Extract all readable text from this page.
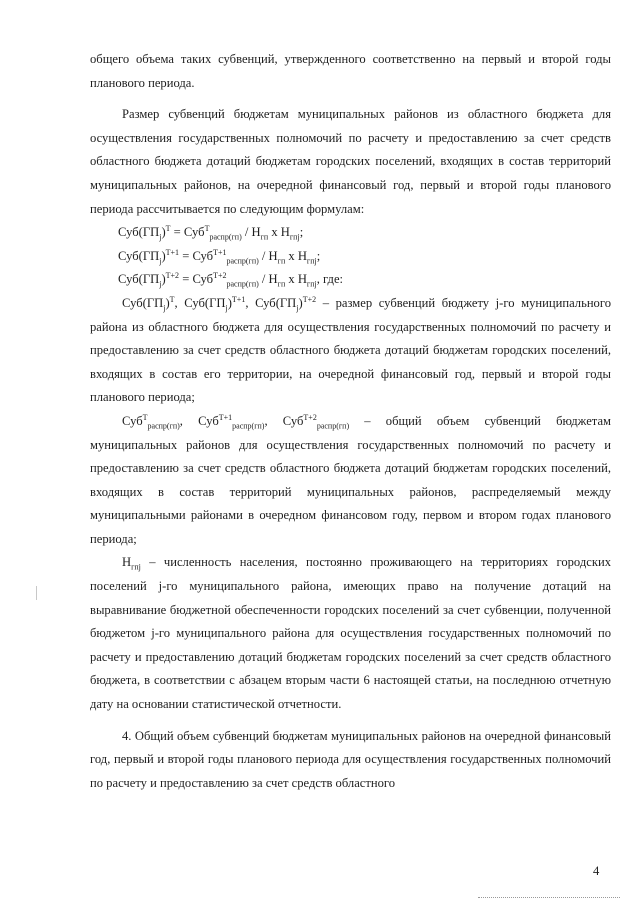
общего объема таких субвенций, утвержденного соответственно на первый и второй годы планового периода.

Размер субвенций бюджетам муниципальных районов из областного бюджета для осуществления государственных полномочий по расчету и предоставлению за счет средств областного бюджета дотаций бюджетам городских поселений, входящих в состав территорий муниципальных районов, на очередной финансовый год, первый и второй годы планового периода рассчитывается по следующим формулам:

$Суб(ГП_j)^Т = Суб^Т_{распр(гп)} / Н_{гп}$ х $Н_{гпj}$;

$Суб(ГП_j)^{Т+1} = Суб^{Т+1}_{распр(гп)} / Н_{гп}$ х $Н_{гпj}$;

$Суб(ГП_j)^{Т+2} = Суб^{Т+2}_{распр(гп)} / Н_{гп}$ х $Н_{гпj}$, где:

$Суб(ГП_j)^Т$, $Суб(ГП_j)^{Т+1}$, $Суб(ГП_j)^{Т+2}$ – размер субвенций бюджету j-го муниципального района из областного бюджета для осуществления государственных полномочий по расчету и предоставлению за счет средств областного бюджета дотаций бюджетам городских поселений, входящих в состав его территории, на очередной финансовый год, первый и второй годы планового периода;

Суб$^Т_{распр(гп)}$, Суб$^{Т+1}_{распр(гп)}$, Суб$^{Т+2}_{распр(гп)}$ – общий объем субвенций бюджетам муниципальных районов для осуществления государственных полномочий по расчету и предоставлению за счет средств областного бюджета дотаций бюджетам городских поселений, входящих в состав территорий муниципальных районов, распределяемый между муниципальными районами в очередном финансовом году, первом и втором годах планового периода;

$Н_{гпj}$ – численность населения, постоянно проживающего на территориях городских поселений j-го муниципального района, имеющих право на получение дотаций на выравнивание бюджетной обеспеченности городских поселений за счет субвенции, полученной бюджетом j-го муниципального района для осуществления государственных полномочий по расчету и предоставлению дотаций бюджетам городских поселений за счет средств областного бюджета, в соответствии с абзацем вторым части 6 настоящей статьи, на последнюю отчетную дату на основании статистической отчетности.

4. Общий объем субвенций бюджетам муниципальных районов на очередной финансовый год, первый и второй годы планового периода для осуществления государственных полномочий по расчету и предоставлению за счет средств областного

4
